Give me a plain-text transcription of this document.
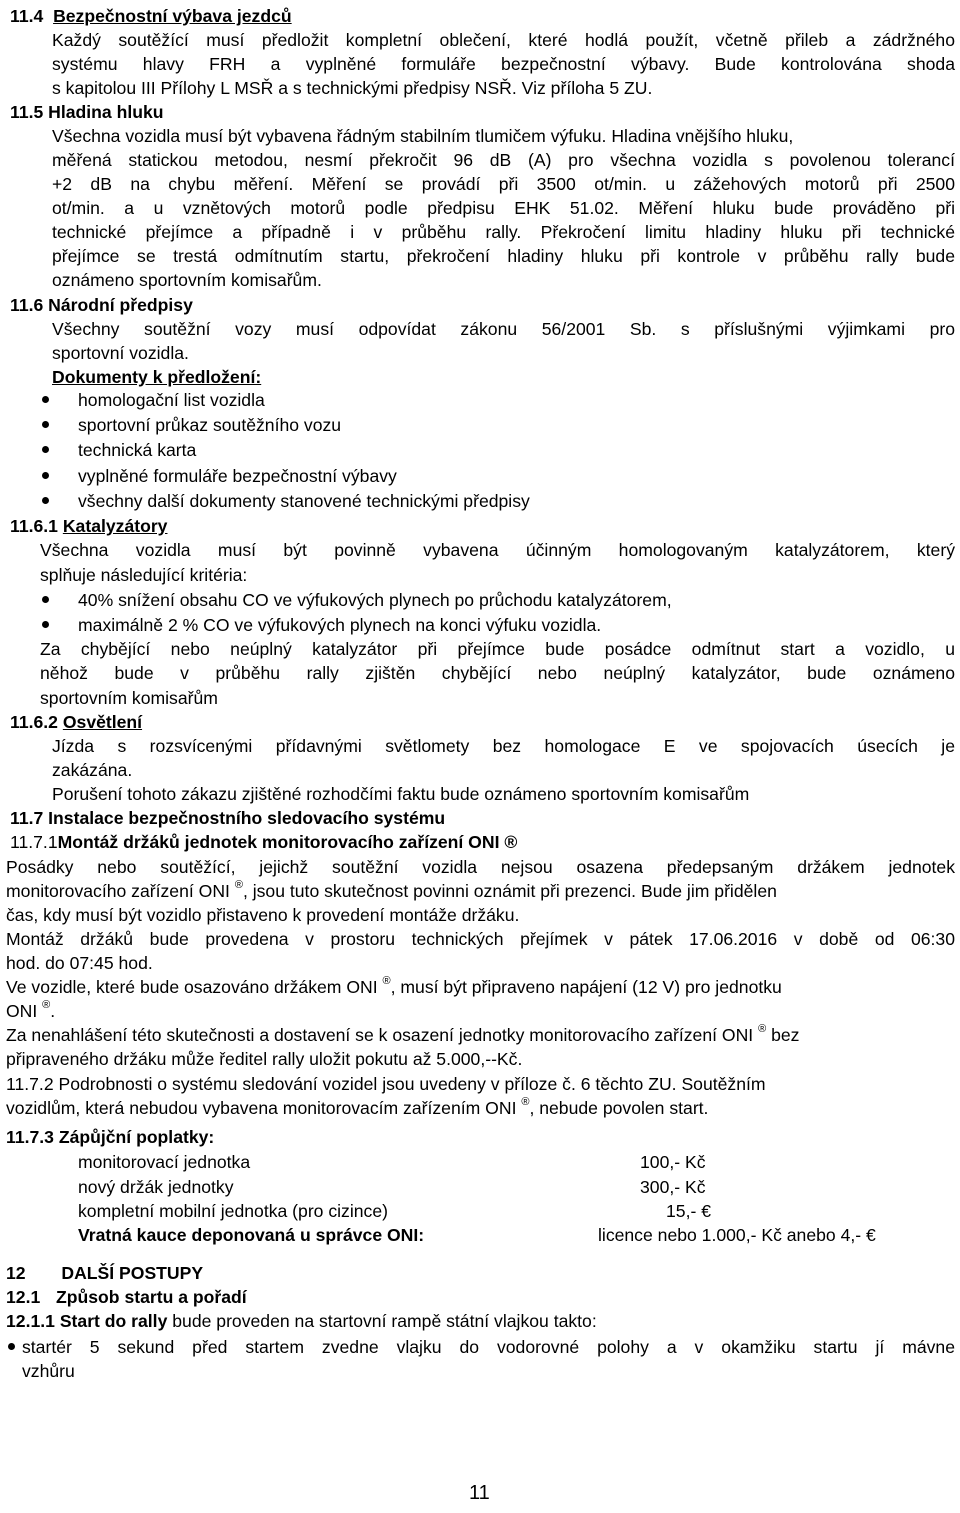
11.4 Bezpečnostní výbava jezdců
Každý soutěžící musí předložit kompletní oblečení, které hodlá použít, včetně přileb a zádržného
systému hlavy FRH a vyplněné formuláře bezpečnostní výbavy. Bude kontrolována shoda
s kapitolou III Přílohy L MSŘ a s technickými předpisy NSŘ. Viz příloha 5 ZU.
11.5 Hladina hluku
Všechna vozidla musí být vybavena řádným stabilním tlumičem výfuku. Hladina vnějšího hluku,
měřená statickou metodou, nesmí překročit 96 dB (A) pro všechna vozidla s povolenou tolerancí
+2 dB na chybu měření. Měření se provádí při 3500 ot/min. u zážehových motorů při 2500
ot/min. a u vznětových motorů podle předpisu EHK 51.02. Měření hluku bude prováděno při
technické přejímce a případně i v průběhu rally. Překročení limitu hladiny hluku při technické
přejímce se trestá odmítnutím startu, překročení hladiny hluku při kontrole v průběhu rally bude
oznámeno sportovním komisařům.
11.6 Národní předpisy
Všechny soutěžní vozy musí odpovídat zákonu 56/2001 Sb. s příslušnými výjimkami pro
sportovní vozidla.
Dokumenty k předložení:
homologační list vozidla
sportovní průkaz soutěžního vozu
technická karta
vyplněné formuláře bezpečnostní výbavy
všechny další dokumenty stanovené technickými předpisy
11.6.1 Katalyzátory
Všechna vozidla musí být povinně vybavena účinným homologovaným katalyzátorem, který
splňuje následující kritéria:
40% snížení obsahu CO ve výfukových plynech po průchodu katalyzátorem,
maximálně 2 % CO ve výfukových plynech na konci výfuku vozidla.
Za chybějící nebo neúplný katalyzátor při přejímce bude posádce odmítnut start a vozidlo, u
něhož bude v průběhu rally zjištěn chybějící nebo neúplný katalyzátor, bude oznámeno
sportovním komisařům
11.6.2 Osvětlení
Jízda s rozsvícenými přídavnými světlomety bez homologace E ve spojovacích úsecích je
zakázána.
Porušení tohoto zákazu zjištěné rozhodčími faktu bude oznámeno sportovním komisařům
11.7 Instalace bezpečnostního sledovacího systému
11.7.1Montáž držáků jednotek monitorovacího zařízení ONI ®
Posádky nebo soutěžící, jejichž soutěžní vozidla nejsou osazena předepsaným držákem jednotek
monitorovacího zařízení ONI ®, jsou tuto skutečnost povinni oznámit při prezenci. Bude jim přidělen
čas, kdy musí být vozidlo přistaveno k provedení montáže držáku.
Montáž držáků bude provedena v prostoru technických přejímek v pátek 17.06.2016 v době od 06:30
hod. do 07:45 hod.
Ve vozidle, které bude osazováno držákem ONI ®, musí být připraveno napájení (12 V) pro jednotku
ONI ®.
Za nenahlášení této skutečnosti a dostavení se k osazení jednotky monitorovacího zařízení ONI ® bez
připraveného držáku může ředitel rally uložit pokutu až 5.000,--Kč.
11.7.2 Podrobnosti o systému sledování vozidel jsou uvedeny v příloze č. 6 těchto ZU. Soutěžním
vozidlům, která nebudou vybavena monitorovacím zařízením ONI ®, nebude povolen start.
11.7.3 Zápůjční poplatky:
monitorovací jednotka	100,- Kč
nový držák jednotky	300,- Kč
kompletní mobilní jednotka (pro cizince)	15,- €
Vratná kauce deponovaná u správce ONI:	licence nebo 1.000,- Kč anebo 4,- €
12 DALŠÍ POSTUPY
12.1 Způsob startu a pořadí
12.1.1 Start do rally bude proveden na startovní rampě státní vlajkou takto:
startér 5 sekund před startem zvedne vlajku do vodorovné polohy a v okamžiku startu jí mávne
vzhůru
11
